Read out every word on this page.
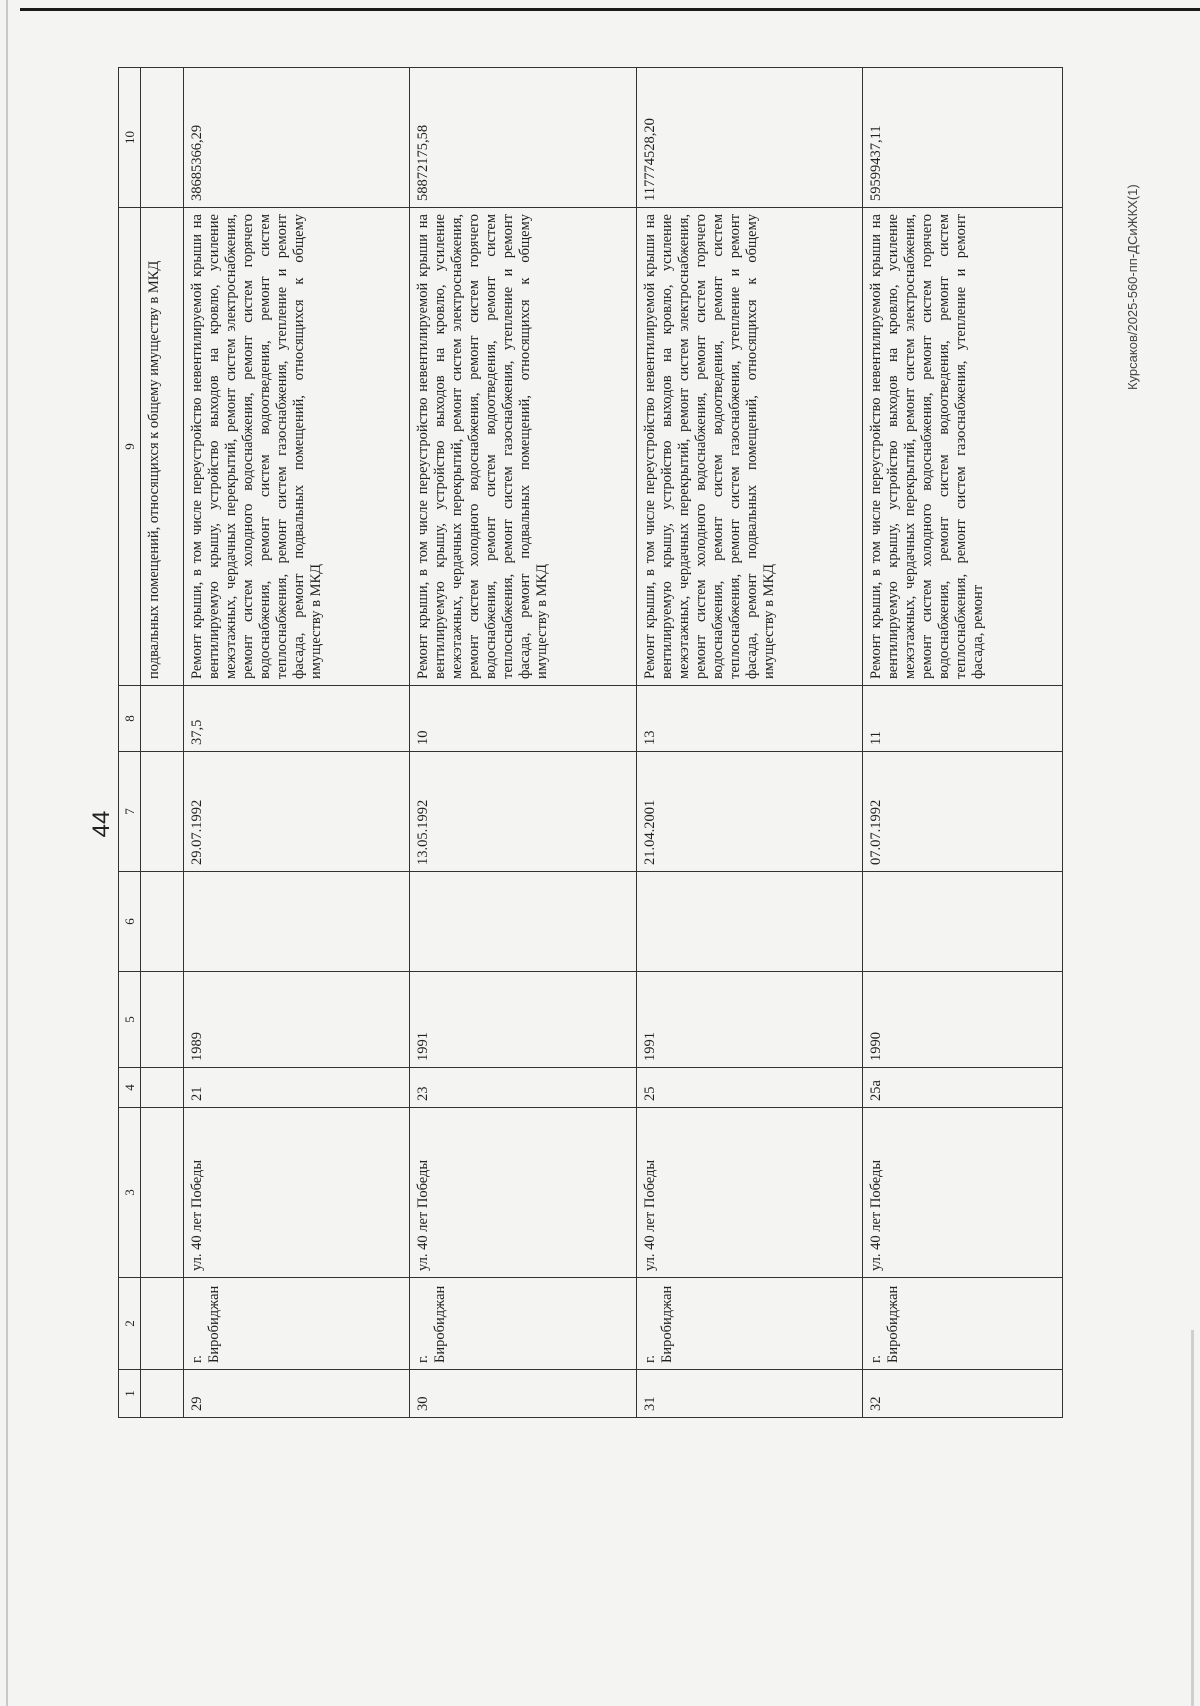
44
Курсаков/2025-560-пп-ДСиЖКХ(1)
1	2	3	4	5	6	7	8	9	10
								подвальных помещений, относящихся к общему имуществу в МКД	
29	г. Биробиджан	ул. 40 лет Победы	21	1989		29.07.1992	37,5	Ремонт крыши, в том числе переустройство невентилируемой крыши на вентилируемую крышу, устройство выходов на кровлю, усиление межэтажных, чердачных перекрытий, ремонт систем электроснабжения, ремонт систем холодного водоснабжения, ремонт систем горячего водоснабжения, ремонт систем водоотведения, ремонт систем теплоснабжения, ремонт систем газоснабжения, утепление и ремонт фасада, ремонт подвальных помещений, относящихся к общему имуществу в МКД	38685366,29
30	г. Биробиджан	ул. 40 лет Победы	23	1991		13.05.1992	10	Ремонт крыши, в том числе переустройство невентилируемой крыши на вентилируемую крышу, устройство выходов на кровлю, усиление межэтажных, чердачных перекрытий, ремонт систем электроснабжения, ремонт систем холодного водоснабжения, ремонт систем горячего водоснабжения, ремонт систем водоотведения, ремонт систем теплоснабжения, ремонт систем газоснабжения, утепление и ремонт фасада, ремонт подвальных помещений, относящихся к общему имуществу в МКД	58872175,58
31	г. Биробиджан	ул. 40 лет Победы	25	1991		21.04.2001	13	Ремонт крыши, в том числе переустройство невентилируемой крыши на вентилируемую крышу, устройство выходов на кровлю, усиление межэтажных, чердачных перекрытий, ремонт систем электроснабжения, ремонт систем холодного водоснабжения, ремонт систем горячего водоснабжения, ремонт систем водоотведения, ремонт систем теплоснабжения, ремонт систем газоснабжения, утепление и ремонт фасада, ремонт подвальных помещений, относящихся к общему имуществу в МКД	117774528,20
32	г. Биробиджан	ул. 40 лет Победы	25а	1990		07.07.1992	11	Ремонт крыши, в том числе переустройство невентилируемой крыши на вентилируемую крышу, устройство выходов на кровлю, усиление межэтажных, чердачных перекрытий, ремонт систем электроснабжения, ремонт систем холодного водоснабжения, ремонт систем горячего водоснабжения, ремонт систем водоотведения, ремонт систем теплоснабжения, ремонт систем газоснабжения, утепление и ремонт фасада, ремонт	59599437,11
